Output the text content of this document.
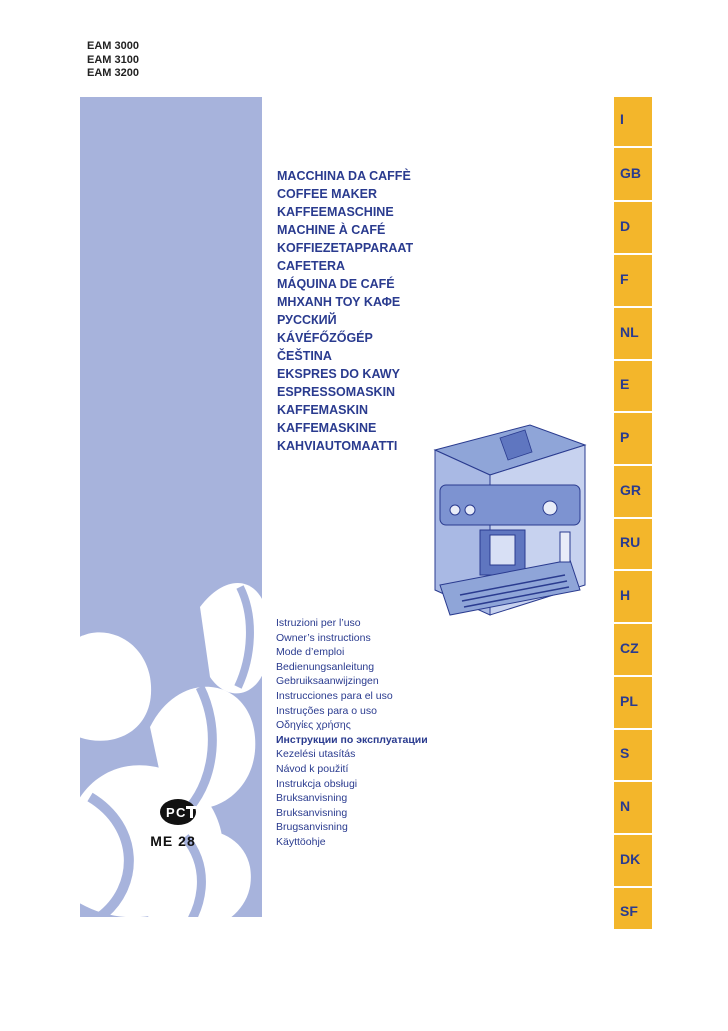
EAM 3000
EAM 3100
EAM 3200
P C
ME 28
MACCHINA DA CAFFÈ
COFFEE MAKER
KAFFEEMASCHINE
MACHINE À CAFÉ
KOFFIEZETAPPARAAT
CAFETERA
MÁQUINA DE CAFÉ
ΜΗΧΑΝΗ ΤΟΥ ΚΑΦΕ
РУССКИЙ
KÁVÉFŐZŐGÉP
ČEŠTINA
EKSPRES DO KAWY
ESPRESSOMASKIN
KAFFEMASKIN
KAFFEMASKINE
KAHVIAUTOMAATTI
Istruzioni per l’uso
Owner’s instructions
Mode d’emploi
Bedienungsanleitung
Gebruiksaanwijzingen
Instrucciones para el uso
Instruções para o uso
Οδηγίες χρήσης
Инструкции по эксплуатации
Kezelési utasítás
Návod k použití
Instrukcja obsługi
Bruksanvisning
Bruksanvisning
Brugsanvisning
Käyttöohje
I
GB
D
F
NL
E
P
GR
RU
H
CZ
PL
S
N
DK
SF
